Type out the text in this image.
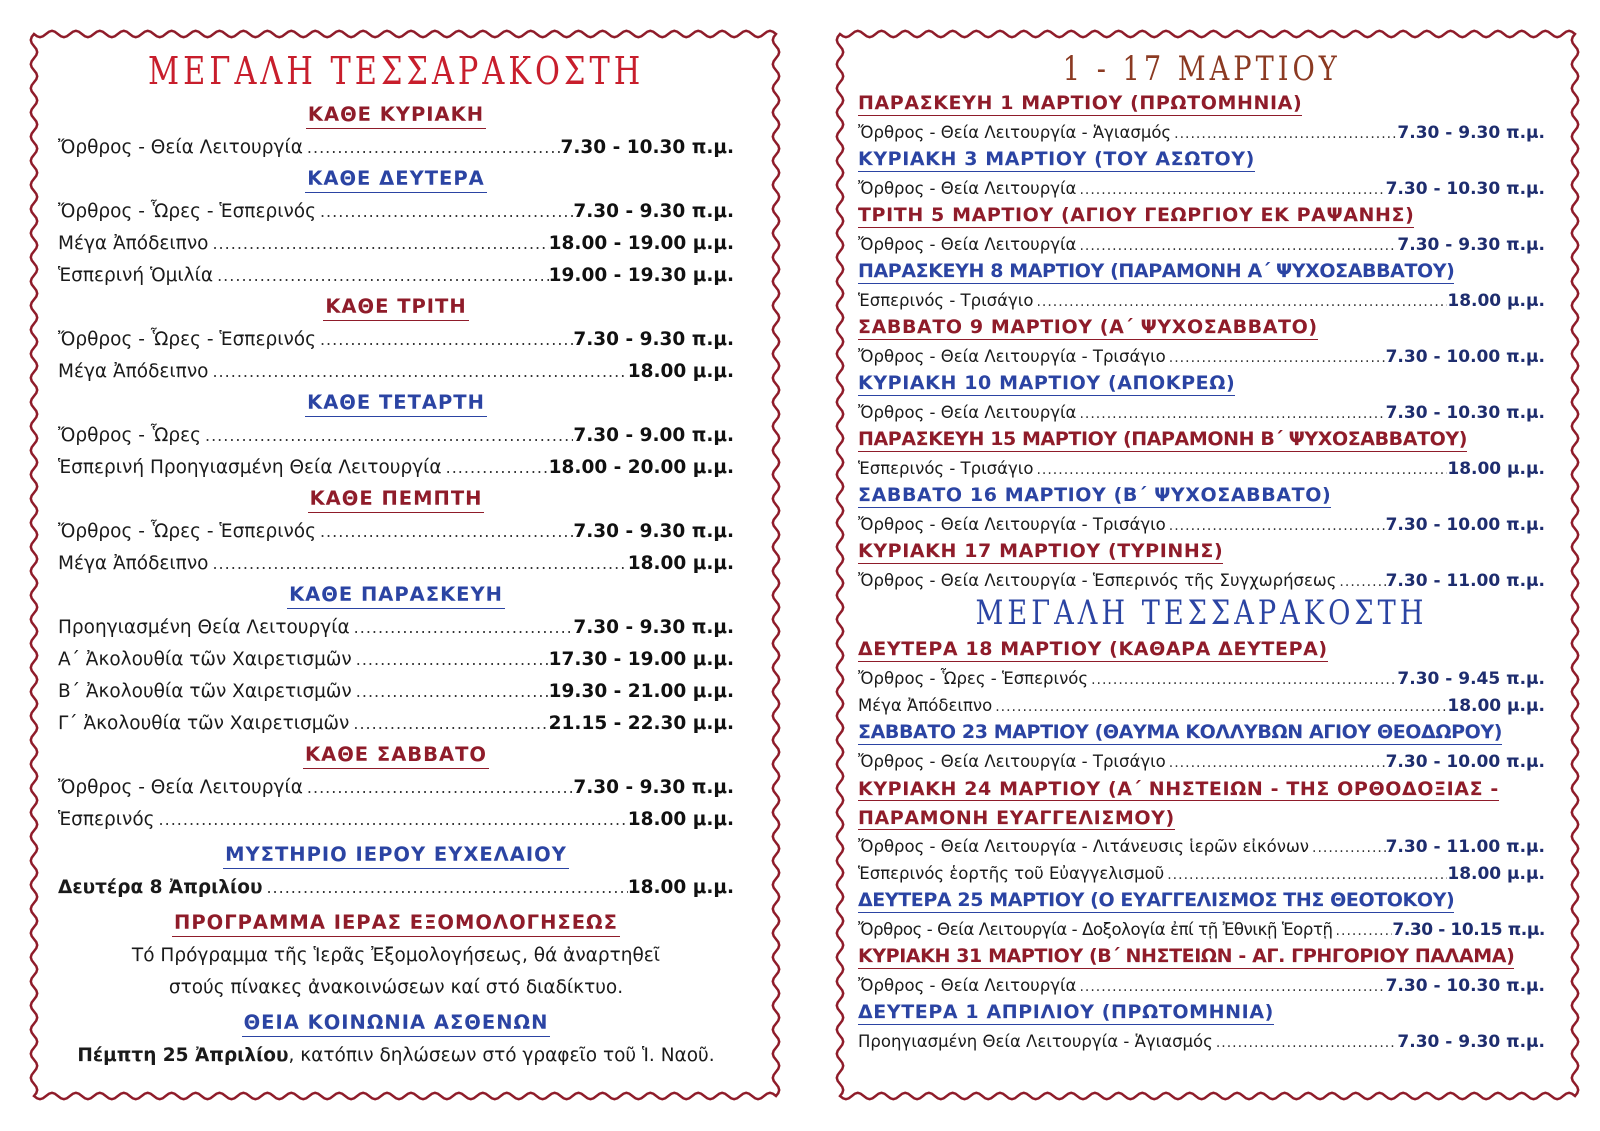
ΜΕΓΑΛΗ ΤΕΣΣΑΡΑΚΟΣΤΗ
ΚΑΘΕ ΚΥΡΙΑΚΗ
Ὄρθρος - Θεία Λειτουργία .....	7.30 - 10.30 π.μ.
ΚΑΘΕ ΔΕΥΤΕΡΑ
Ὄρθρος - Ὧρες - Ἑσπερινός .....	7.30 - 9.30 π.μ.
Μέγα Ἀπόδειπνο .....	18.00 - 19.00 μ.μ.
Ἑσπερινή Ὁμιλία .....	19.00 - 19.30 μ.μ.
ΚΑΘΕ ΤΡΙΤΗ
Ὄρθρος - Ὧρες - Ἑσπερινός .....	7.30 - 9.30 π.μ.
Μέγα Ἀπόδειπνο .....	18.00 μ.μ.
ΚΑΘΕ ΤΕΤΑΡΤΗ
Ὄρθρος - Ὧρες .....	7.30 - 9.00 π.μ.
Ἑσπερινή Προηγιασμένη Θεία Λειτουργία .....	18.00 - 20.00 μ.μ.
ΚΑΘΕ ΠΕΜΠΤΗ
Ὄρθρος - Ὧρες - Ἑσπερινός .....	7.30 - 9.30 π.μ.
Μέγα Ἀπόδειπνο .....	18.00 μ.μ.
ΚΑΘΕ ΠΑΡΑΣΚΕΥΗ
Προηγιασμένη Θεία Λειτουργία .....	7.30 - 9.30 π.μ.
Α΄ Ἀκολουθία τῶν Χαιρετισμῶν .....	17.30 - 19.00 μ.μ.
Β΄ Ἀκολουθία τῶν Χαιρετισμῶν .....	19.30 - 21.00 μ.μ.
Γ΄ Ἀκολουθία τῶν Χαιρετισμῶν .....	21.15 - 22.30 μ.μ.
ΚΑΘΕ ΣΑΒΒΑΤΟ
Ὄρθρος - Θεία Λειτουργία .....	7.30 - 9.30 π.μ.
Ἑσπερινός .....	18.00 μ.μ.
ΜΥΣΤΗΡΙΟ ΙΕΡΟΥ ΕΥΧΕΛΑΙΟΥ
Δευτέρα 8 Ἀπριλίου .....	18.00 μ.μ.
ΠΡΟΓΡΑΜΜΑ ΙΕΡΑΣ ΕΞΟΜΟΛΟΓΗΣΕΩΣ
Τό Πρόγραμμα τῆς Ἱερᾶς Ἐξομολογήσεως, θά ἀναρτηθεῖ
στούς πίνακες ἀνακοινώσεων καί στό διαδίκτυο.
ΘΕΙΑ ΚΟΙΝΩΝΙΑ ΑΣΘΕΝΩΝ
Πέμπτη 25 Ἀπριλίου, κατόπιν δηλώσεων στό γραφεῖο τοῦ Ἱ. Ναοῦ.
1 - 17 ΜΑΡΤΙΟΥ
ΠΑΡΑΣΚΕΥΗ 1 ΜΑΡΤΙΟΥ (ΠΡΩΤΟΜΗΝΙΑ)
Ὄρθρος - Θεία Λειτουργία - Ἁγιασμός .....	7.30 - 9.30 π.μ.
ΚΥΡΙΑΚΗ 3 ΜΑΡΤΙΟΥ (ΤΟΥ ΑΣΩΤΟΥ)
Ὄρθρος - Θεία Λειτουργία .....	7.30 - 10.30 π.μ.
ΤΡΙΤΗ 5 ΜΑΡΤΙΟΥ (ΑΓΙΟΥ ΓΕΩΡΓΙΟΥ ΕΚ ΡΑΨΑΝΗΣ)
Ὄρθρος - Θεία Λειτουργία .....	7.30 - 9.30 π.μ.
ΠΑΡΑΣΚΕΥΗ 8 ΜΑΡΤΙΟΥ (ΠΑΡΑΜΟΝΗ Α΄ ΨΥΧΟΣΑΒΒΑΤΟΥ)
Ἑσπερινός - Τρισάγιο .....	18.00 μ.μ.
ΣΑΒΒΑΤΟ 9 ΜΑΡΤΙΟΥ (Α΄ ΨΥΧΟΣΑΒΒΑΤΟ)
Ὄρθρος - Θεία Λειτουργία - Τρισάγιο .....	7.30 - 10.00 π.μ.
ΚΥΡΙΑΚΗ 10 ΜΑΡΤΙΟΥ (ΑΠΟΚΡΕΩ)
Ὄρθρος - Θεία Λειτουργία .....	7.30 - 10.30 π.μ.
ΠΑΡΑΣΚΕΥΗ 15 ΜΑΡΤΙΟΥ (ΠΑΡΑΜΟΝΗ Β΄ ΨΥΧΟΣΑΒΒΑΤΟΥ)
Ἑσπερινός - Τρισάγιο .....	18.00 μ.μ.
ΣΑΒΒΑΤΟ 16 ΜΑΡΤΙΟΥ (Β΄ ΨΥΧΟΣΑΒΒΑΤΟ)
Ὄρθρος - Θεία Λειτουργία - Τρισάγιο .....	7.30 - 10.00 π.μ.
ΚΥΡΙΑΚΗ 17 ΜΑΡΤΙΟΥ (ΤΥΡΙΝΗΣ)
Ὄρθρος - Θεία Λειτουργία - Ἑσπερινός τῆς Συγχωρήσεως .....	7.30 - 11.00 π.μ.
ΜΕΓΑΛΗ ΤΕΣΣΑΡΑΚΟΣΤΗ
ΔΕΥΤΕΡΑ 18 ΜΑΡΤΙΟΥ (ΚΑΘΑΡΑ ΔΕΥΤΕΡΑ)
Ὄρθρος - Ὧρες - Ἑσπερινός .....	7.30 - 9.45 π.μ.
Μέγα Ἀπόδειπνο .....	18.00 μ.μ.
ΣΑΒΒΑΤΟ 23 ΜΑΡΤΙΟΥ (ΘΑΥΜΑ ΚΟΛΛΥΒΩΝ ΑΓΙΟΥ ΘΕΟΔΩΡΟΥ)
Ὄρθρος - Θεία Λειτουργία - Τρισάγιο .....	7.30 - 10.00 π.μ.
ΚΥΡΙΑΚΗ 24 ΜΑΡΤΙΟΥ (Α΄ ΝΗΣΤΕΙΩΝ - ΤΗΣ ΟΡΘΟΔΟΞΙΑΣ - ΠΑΡΑΜΟΝΗ ΕΥΑΓΓΕΛΙΣΜΟΥ)
Ὄρθρος - Θεία Λειτουργία - Λιτάνευσις ἱερῶν εἰκόνων .....	7.30 - 11.00 π.μ.
Ἑσπερινός ἑορτῆς τοῦ Εὐαγγελισμοῦ .....	18.00 μ.μ.
ΔΕΥΤΕΡΑ 25 ΜΑΡΤΙΟΥ (Ο ΕΥΑΓΓΕΛΙΣΜΟΣ ΤΗΣ ΘΕΟΤΟΚΟΥ)
Ὄρθρος - Θεία Λειτουργία - Δοξολογία ἐπί τῇ Ἐθνικῇ Ἑορτῇ .....	7.30 - 10.15 π.μ.
ΚΥΡΙΑΚΗ 31 ΜΑΡΤΙΟΥ (Β΄ ΝΗΣΤΕΙΩΝ - ΑΓ. ΓΡΗΓΟΡΙΟΥ ΠΑΛΑΜΑ)
Ὄρθρος - Θεία Λειτουργία .....	7.30 - 10.30 π.μ.
ΔΕΥΤΕΡΑ 1 ΑΠΡΙΛΙΟΥ (ΠΡΩΤΟΜΗΝΙΑ)
Προηγιασμένη Θεία Λειτουργία - Ἁγιασμός .....	7.30 - 9.30 π.μ.
